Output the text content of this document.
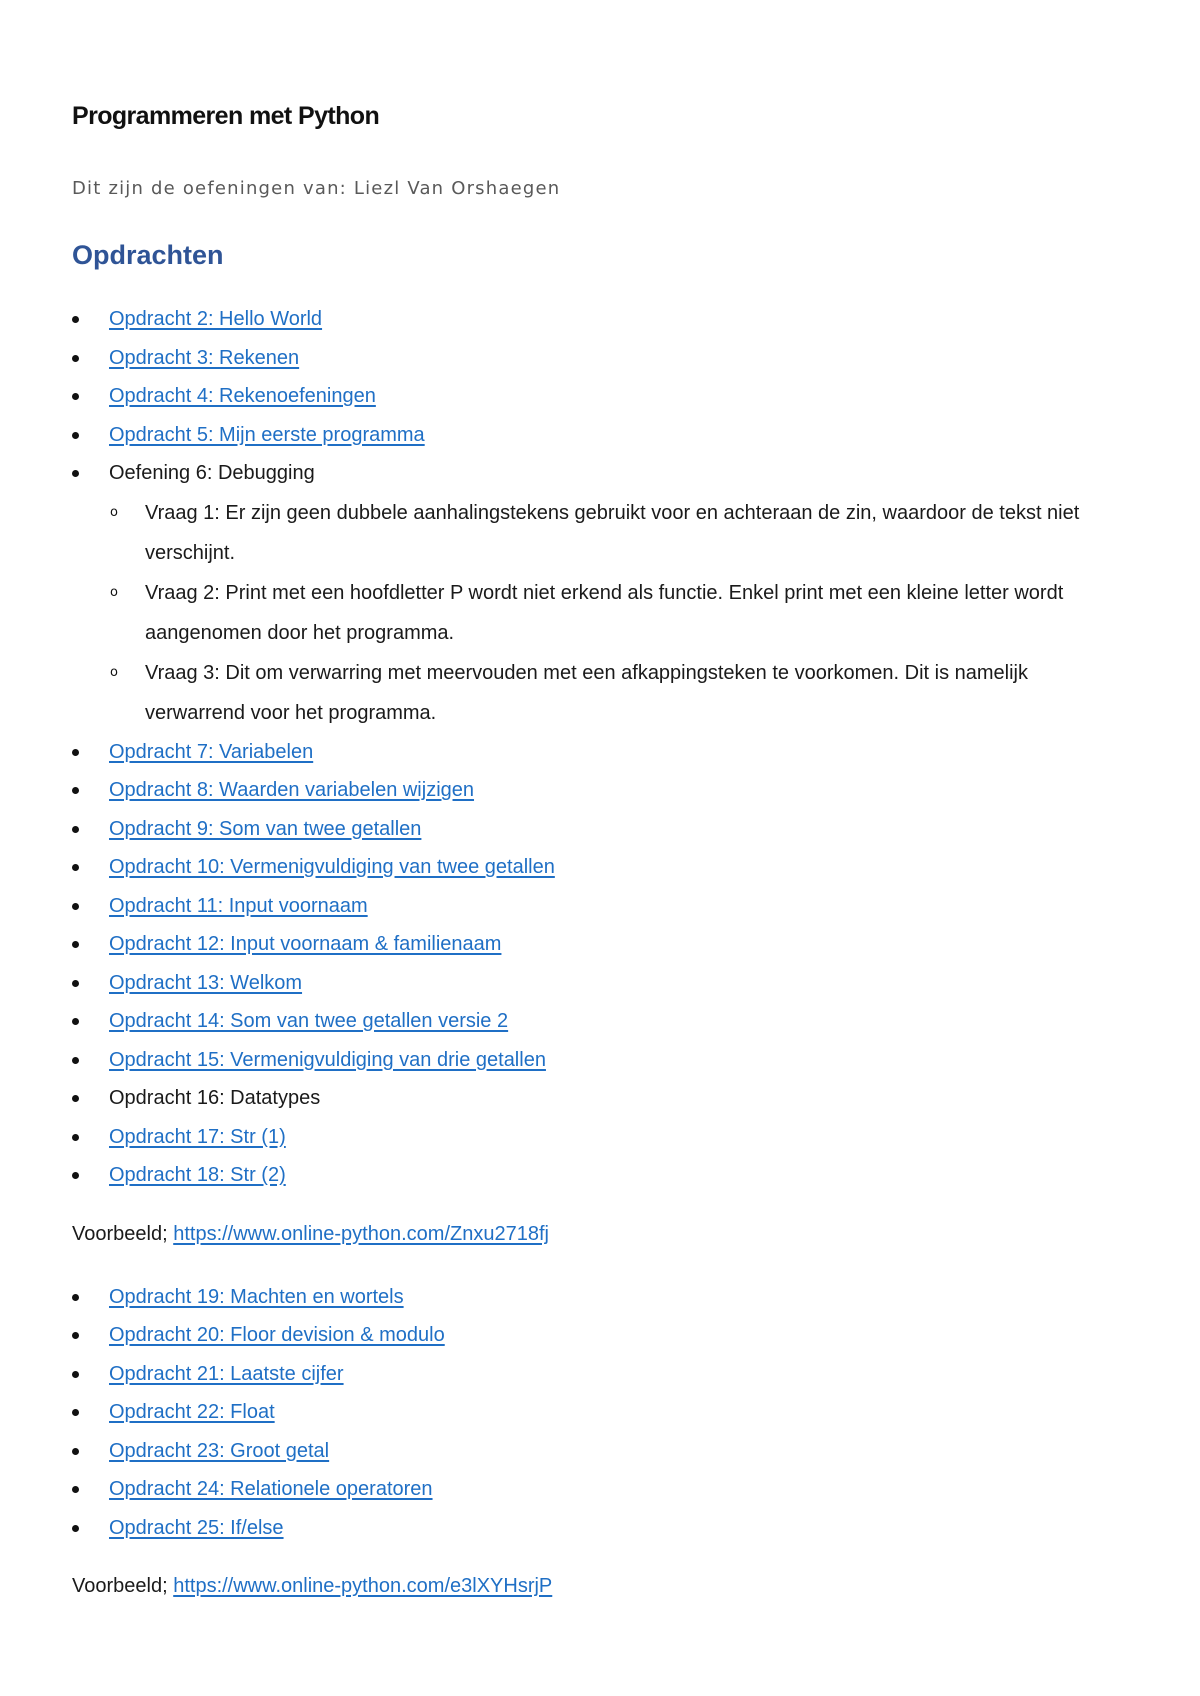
Programmeren met Python
Dit zijn de oefeningen van: Liezl Van Orshaegen
Opdrachten
Opdracht 2: Hello World
Opdracht 3: Rekenen
Opdracht 4: Rekenoefeningen
Opdracht 5: Mijn eerste programma
Oefening 6: Debugging
o Vraag 1: Er zijn geen dubbele aanhalingstekens gebruikt voor en achteraan de zin, waardoor de tekst niet verschijnt.
o Vraag 2: Print met een hoofdletter P wordt niet erkend als functie. Enkel print met een kleine letter wordt aangenomen door het programma.
o Vraag 3: Dit om verwarring met meervouden met een afkappingsteken te voorkomen. Dit is namelijk verwarrend voor het programma.
Opdracht 7: Variabelen
Opdracht 8: Waarden variabelen wijzigen
Opdracht 9: Som van twee getallen
Opdracht 10: Vermenigvuldiging van twee getallen
Opdracht 11: Input voornaam
Opdracht 12: Input voornaam & familienaam
Opdracht 13: Welkom
Opdracht 14: Som van twee getallen versie 2
Opdracht 15: Vermenigvuldiging van drie getallen
Opdracht 16: Datatypes
Opdracht 17: Str (1)
Opdracht 18: Str (2)
Voorbeeld; https://www.online-python.com/Znxu2718fj
Opdracht 19: Machten en wortels
Opdracht 20: Floor devision & modulo
Opdracht 21: Laatste cijfer
Opdracht 22: Float
Opdracht 23: Groot getal
Opdracht 24: Relationele operatoren
Opdracht 25: If/else
Voorbeeld; https://www.online-python.com/e3lXYHsrjP
